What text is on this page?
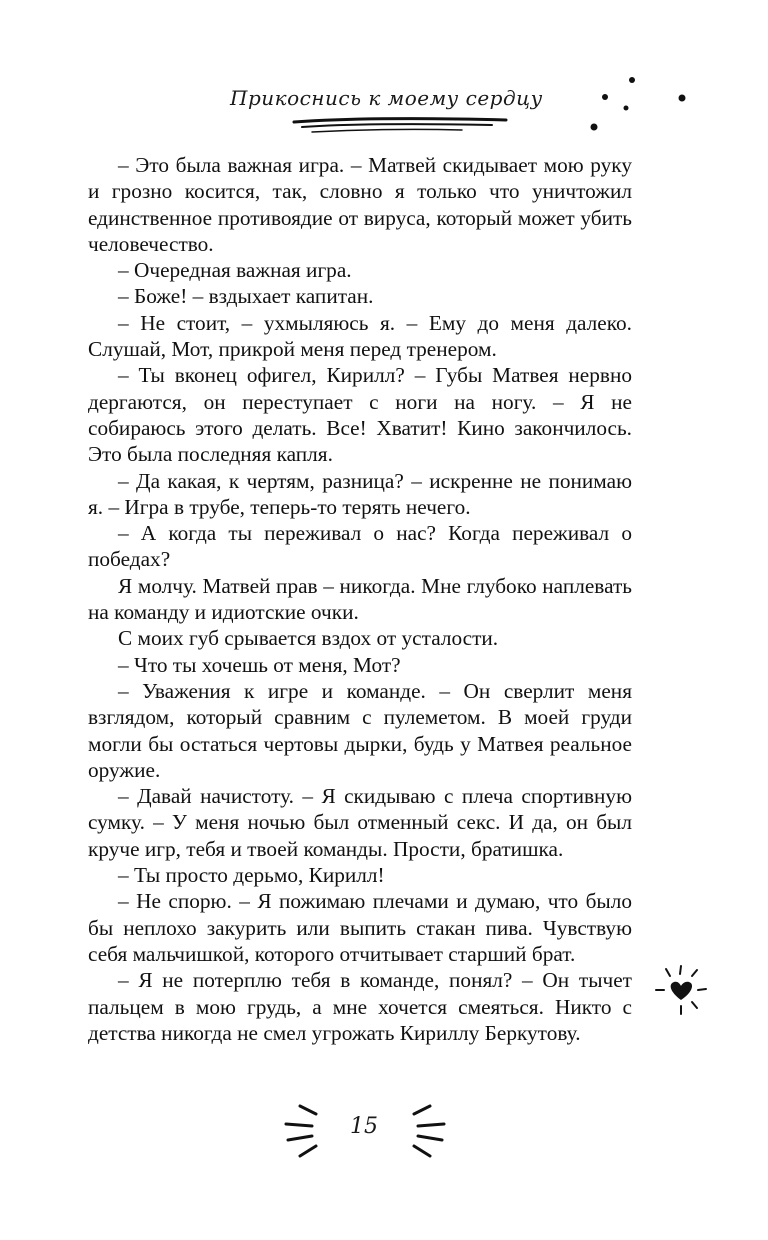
Прикоснись к моему сердцу

– Это была важная игра. – Матвей скидывает мою руку и грозно косится, так, словно я только что уничтожил единственное противоядие от вируса, который может убить человечество.

– Очередная важная игра.

– Боже! – вздыхает капитан.

– Не стоит, – ухмыляюсь я. – Ему до меня далеко. Слушай, Мот, прикрой меня перед тренером.

– Ты вконец офигел, Кирилл? – Губы Матвея нервно дергаются, он переступает с ноги на ногу. – Я не собираюсь этого делать. Все! Хватит! Кино закончилось. Это была последняя капля.

– Да какая, к чертям, разница? – искренне не понимаю я. – Игра в трубе, теперь-то терять нечего.

– А когда ты переживал о нас? Когда переживал о победах?

Я молчу. Матвей прав – никогда. Мне глубоко наплевать на команду и идиотские очки.

С моих губ срывается вздох от усталости.

– Что ты хочешь от меня, Мот?

– Уважения к игре и команде. – Он сверлит меня взглядом, который сравним с пулеметом. В моей груди могли бы остаться чертовы дырки, будь у Матвея реальное оружие.

– Давай начистоту. – Я скидываю с плеча спортивную сумку. – У меня ночью был отменный секс. И да, он был круче игр, тебя и твоей команды. Прости, братишка.

– Ты просто дерьмо, Кирилл!

– Не спорю. – Я пожимаю плечами и думаю, что было бы неплохо закурить или выпить стакан пива. Чувствую себя мальчишкой, которого отчитывает старший брат.

– Я не потерплю тебя в команде, понял? – Он тычет пальцем в мою грудь, а мне хочется смеяться. Никто с детства никогда не смел угрожать Кириллу Беркутову.

15
